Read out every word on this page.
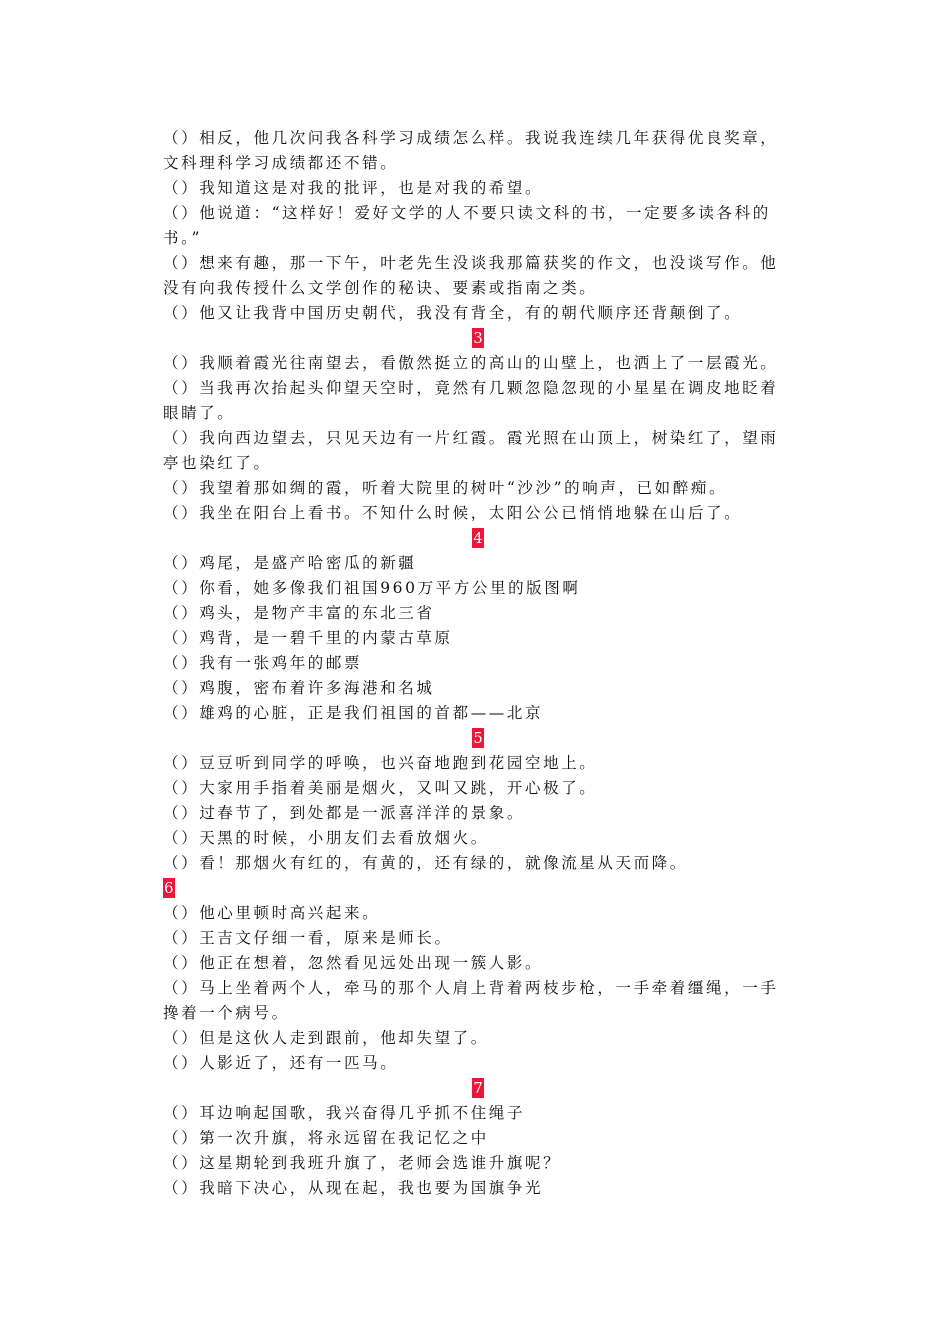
（）相反，他几次问我各科学习成绩怎么样。我说我连续几年获得优良奖章，文科理科学习成绩都还不错。
（）我知道这是对我的批评，也是对我的希望。
（）他说道：“这样好！爱好文学的人不要只读文科的书，一定要多读各科的书。”
（）想来有趣，那一下午，叶老先生没谈我那篇获奖的作文，也没谈写作。他没有向我传授什么文学创作的秘诀、要素或指南之类。
（）他又让我背中国历史朝代，我没有背全，有的朝代顺序还背颠倒了。
3
（）我顺着霞光往南望去，看傲然挺立的高山的山壁上，也洒上了一层霞光。
（）当我再次抬起头仰望天空时，竟然有几颗忽隐忽现的小星星在调皮地眨着眼睛了。
（）我向西边望去，只见天边有一片红霞。霞光照在山顶上，树染红了，望雨亭也染红了。
（）我望着那如绸的霞，听着大院里的树叶“沙沙”的响声，已如醉痴。
（）我坐在阳台上看书。不知什么时候，太阳公公已悄悄地躲在山后了。
4
（）鸡尾，是盛产哈密瓜的新疆
（）你看，她多像我们祖国960万平方公里的版图啊
（）鸡头，是物产丰富的东北三省
（）鸡背，是一碧千里的内蒙古草原
（）我有一张鸡年的邮票
（）鸡腹，密布着许多海港和名城
（）雄鸡的心脏，正是我们祖国的首都——北京
5
（）豆豆听到同学的呼唤，也兴奋地跑到花园空地上。
（）大家用手指着美丽是烟火，又叫又跳，开心极了。
（）过春节了，到处都是一派喜洋洋的景象。
（）天黑的时候，小朋友们去看放烟火。
（）看！那烟火有红的，有黄的，还有绿的，就像流星从天而降。
6
（）他心里顿时高兴起来。
（）王吉文仔细一看，原来是师长。
（）他正在想着，忽然看见远处出现一簇人影。
（）马上坐着两个人，牵马的那个人肩上背着两枝步枪，一手牵着缰绳，一手搀着一个病号。
（）但是这伙人走到跟前，他却失望了。
（）人影近了，还有一匹马。
7
（）耳边响起国歌，我兴奋得几乎抓不住绳子
（）第一次升旗，将永远留在我记忆之中
（）这星期轮到我班升旗了，老师会选谁升旗呢？
（）我暗下决心，从现在起，我也要为国旗争光
